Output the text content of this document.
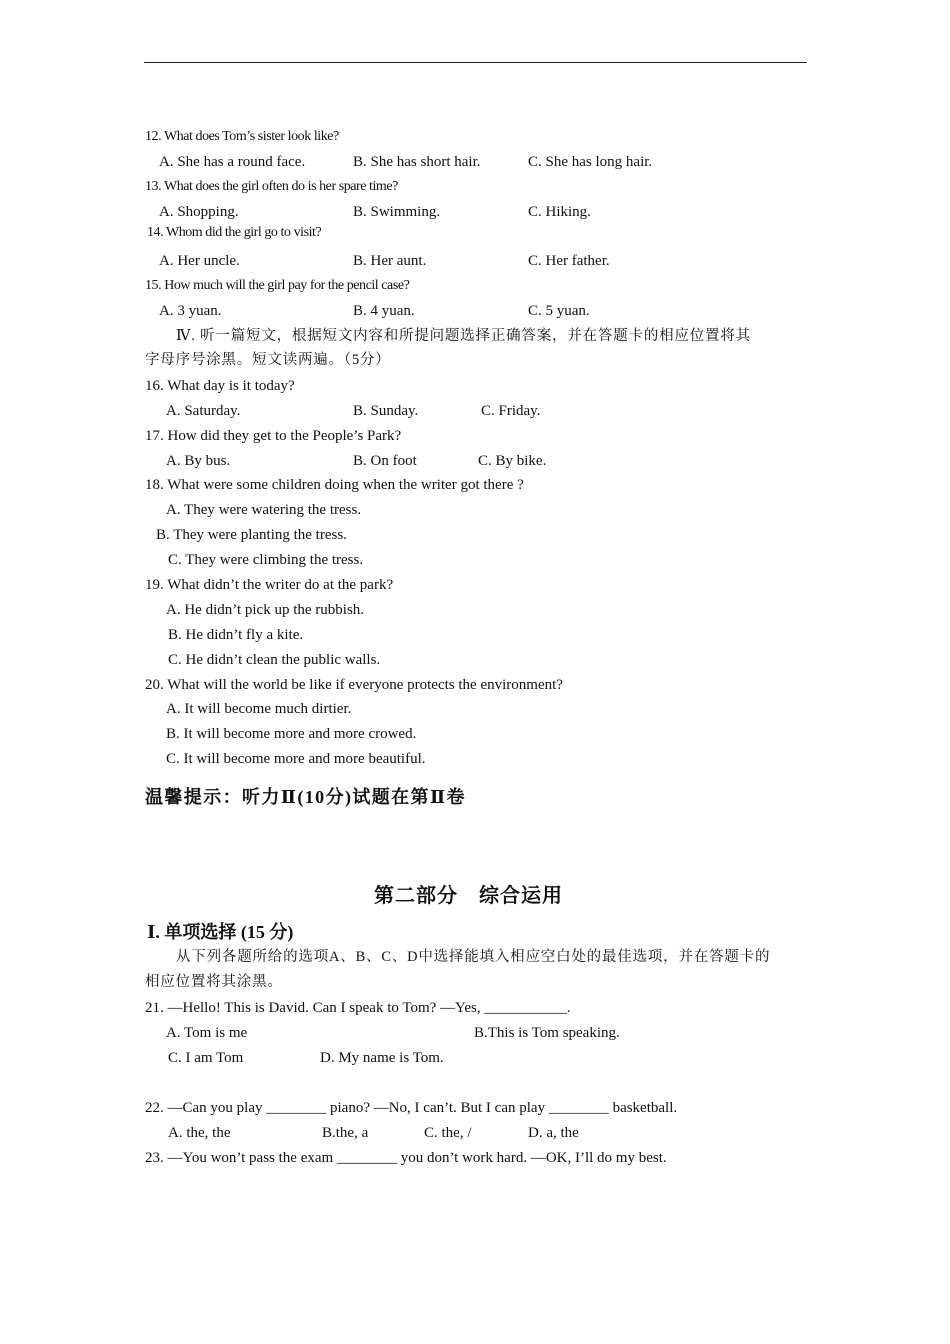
12. What does Tom’s sister look like?
A. She has a round face.	B. She has short hair.	C. She has long hair.
13. What does the girl often do is her spare time?
A. Shopping.	B. Swimming.	C. Hiking.
14. Whom did the girl go to visit?
A. Her uncle.	B. Her aunt.	C. Her father.
15. How much will the girl pay for the pencil case?
A. 3 yuan.	B. 4 yuan.	C. 5 yuan.
Ⅳ. 听一篇短文，根据短文内容和所提问题选择正确答案，并在答题卡的相应位置将其
字母序号涂黑。短文读两遍。（5分）
16. What day is it today?
A. Saturday.	B. Sunday.	C. Friday.
17. How did they get to the People’s Park?
A. By bus.	B. On foot	C. By bike.
18. What were some children doing when the writer got there ?
A. They were watering the tress.
B. They were planting the tress.
C. They were climbing the tress.
19. What didn’t the writer do at the park?
A. He didn’t pick up the rubbish.
B. He didn’t fly a kite.
C. He didn’t clean the public walls.
20. What will the world be like if everyone protects the environment?
A. It will become much dirtier.
B. It will become more and more crowed.
C. It will become more and more beautiful.
温馨提示：听力Ⅱ(10分)试题在第Ⅱ卷
第二部分　综合运用
Ⅰ. 单项选择 (15 分)
从下列各题所给的选项A、B、C、D中选择能填入相应空白处的最佳选项，并在答题卡的
相应位置将其涂黑。
21. —Hello! This is David. Can I speak to Tom? —Yes, ___________.
A. Tom is me	B.This is Tom speaking.
C. I am Tom	D. My name is Tom.
22. —Can you play ________ piano? —No, I can’t. But I can play ________ basketball.
A. the, the	B.the, a	C. the, /	D. a, the
23. —You won’t pass the exam ________ you don’t work hard. —OK, I’ll do my best.
